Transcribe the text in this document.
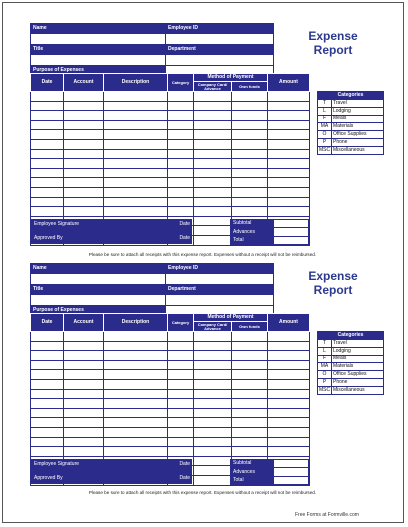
Name	Employee ID

Title	Department

Purpose of Expenses	
Expense
Report
Date	Account	Description	Category	Method of Payment		Amount
				Company Card/ Advance	Own funds	

Categories	
T	Travel
L	Lodging
F	Meals
MA	Materials
O	Office Supplies
P	Phone
MSC	Miscellaneous
Employee Signature	Date

Approved By	Date
Subtotal	
Advances	
Total	
Please be sure to attach all receipts with this expense report. Expenses without a receipt will not be reimbursed.
Name	Employee ID

Title	Department

Purpose of Expenses	
Expense
Report
Date	Account	Description	Category	Method of Payment		Amount
				Company Card/ Advance	Own funds	

Categories	
T	Travel
L	Lodging
F	Meals
MA	Materials
O	Office Supplies
P	Phone
MSC	Miscellaneous
Employee Signature	Date

Approved By	Date
Subtotal	
Advances	
Total	
Please be sure to attach all receipts with this expense report. Expenses without a receipt will not be reimbursed.
Free Forms at Formville.com
